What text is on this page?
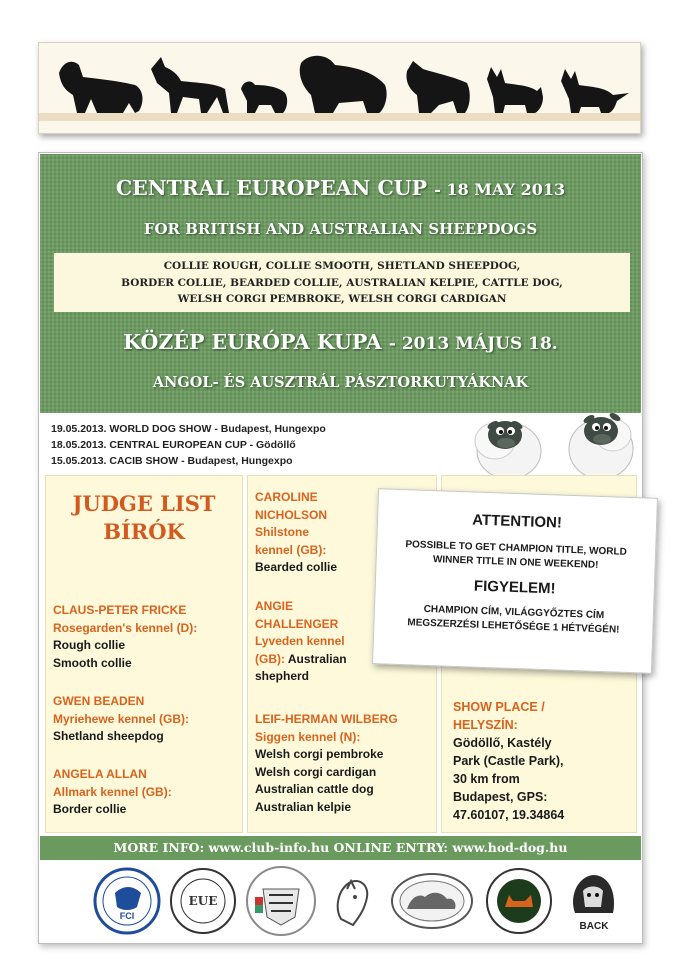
CENTRAL EUROPEAN CUP - 18 MAY 2013
FOR BRITISH AND AUSTRALIAN SHEEPDOGS
COLLIE ROUGH, COLLIE SMOOTH, SHETLAND SHEEPDOG,
BORDER COLLIE, BEARDED COLLIE, AUSTRALIAN KELPIE, CATTLE DOG,
WELSH CORGI PEMBROKE, WELSH CORGI CARDIGAN
KÖZÉP EURÓPA KUPA - 2013 MÁJUS 18.
ANGOL- ÉS AUSZTRÁL PÁSZTORKUTYÁKNAK
19.05.2013. WORLD DOG SHOW - Budapest, Hungexpo
18.05.2013. CENTRAL EUROPEAN CUP - Gödöllő
15.05.2013. CACIB SHOW - Budapest, Hungexpo
JUDGE LIST
BÍRÓK
CLAUS-PETER FRICKE
Rosegarden's kennel (D):
Rough collie
Smooth collie
GWEN BEADEN
Myriehewe kennel (GB):
Shetland sheepdog
ANGELA ALLAN
Allmark kennel (GB):
Border collie
CAROLINE
NICHOLSON
Shilstone
kennel (GB):
Bearded collie
ANGIE
CHALLENGER
Lyveden kennel
(GB): Australian
shepherd
LEIF-HERMAN WILBERG
Siggen kennel (N):
Welsh corgi pembroke
Welsh corgi cardigan
Australian cattle dog
Australian kelpie
ATTENTION!
POSSIBLE TO GET CHAMPION TITLE, WORLD
WINNER TITLE IN ONE WEEKEND!
FIGYELEM!
CHAMPION CÍM, VILÁGGYŐZTES CÍM
MEGSZERZÉSI LEHETŐSÉGE 1 HÉTVÉGÉN!
SHOW PLACE /
HELYSZÍN:
Gödöllő, Kastély
Park (Castle Park),
30 km from
Budapest, GPS:
47.60107, 19.34864
MORE INFO: www.club-info.hu ONLINE ENTRY: www.hod-dog.hu
FCI
EUE
BACK
